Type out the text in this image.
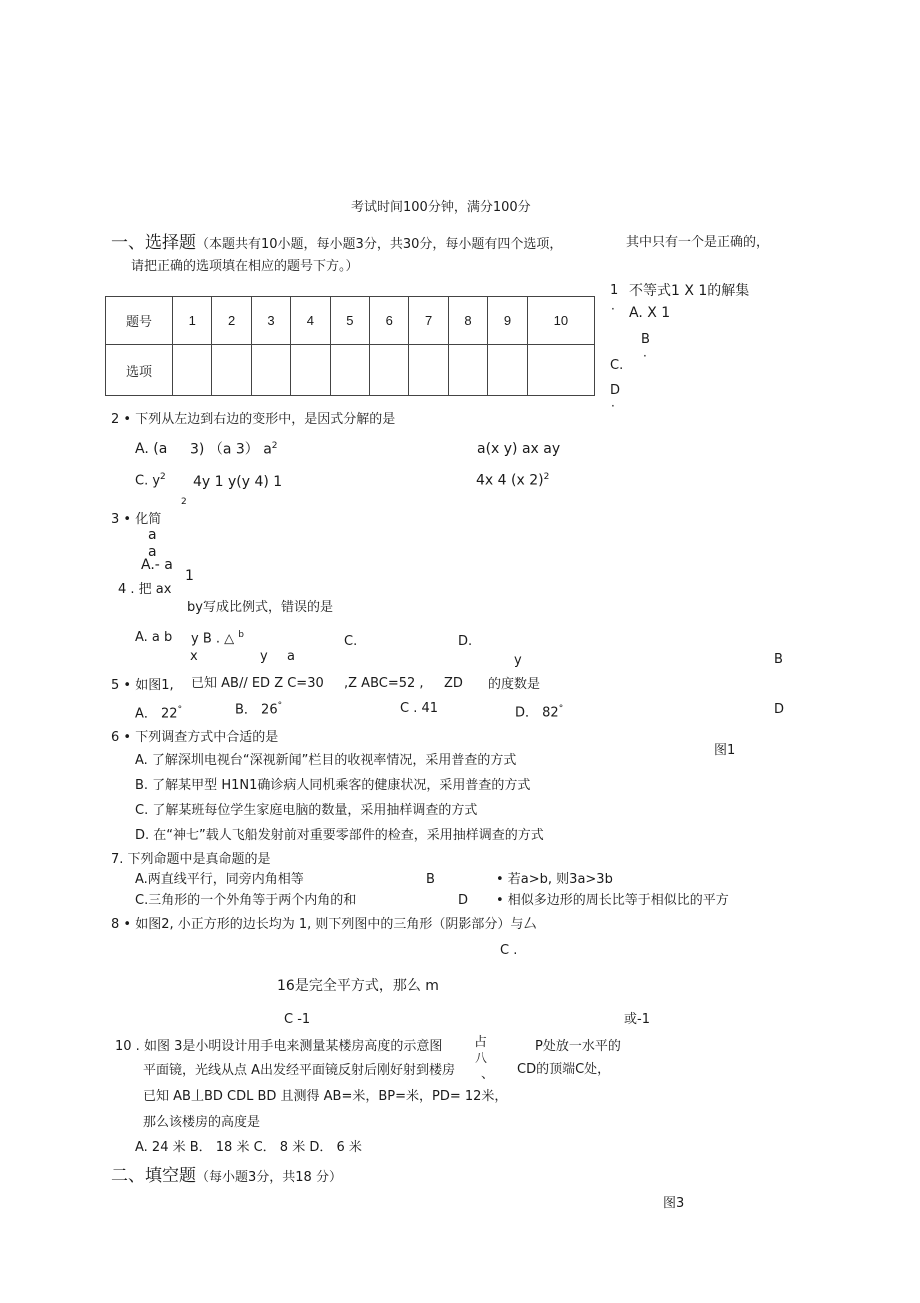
考试时间100分钟，满分100分
一、选择题（本题共有10小题，每小题3分，共30分，每小题有四个选项，	其中只有一个是正确的，
请把正确的选项填在相应的题号下方。）
题号	1	2	3	4	5	6	7	8	9	10
选项										
1
·
不等式1 X 1的解集
A. X 1
B
·
C.
D
·
2 • 下列从左边到右边的变形中，是因式分解的是
A. (a 3) （a 3） $a^2$	a(x y) ax ay
C. $y^2$ 4y 1 y(y 4) 1	4x 4 (x 2)$^2$
2
3 • 化简
a
a
A.- a
1
4 . 把 ax
by写成比例式，错误的是
A. a b y B . △ $^b$	C.	D.
x	y a	y	B
5 • 如图1, 已知 AB// ED Z C=30 ,Z ABC=52 , ZD 的度数是
A． 22°	B． 26°	C . 41	D． 82°	D
图1
6 • 下列调查方式中合适的是
A. 了解深圳电视台“深视新闻”栏目的收视率情况，采用普查的方式
B. 了解某甲型 H1N1确诊病人同机乘客的健康状况，采用普查的方式
C. 了解某班每位学生家庭电脑的数量，采用抽样调查的方式
D. 在“神七”载人飞船发射前对重要零部件的检查，采用抽样调查的方式
7. 下列命题中是真命题的是
A.两直线平行，同旁内角相等	B	• 若a>b, 则3a>3b
C.三角形的一个外角等于两个内角的和	D • 相似多边形的周长比等于相似比的平方
8 • 如图2, 小正方形的边长均为 1, 则下列图中的三角形（阴影部分）与厶
C .
16是完全平方式，那么 m
C -1	或-1
10 . 如图 3是小明设计用手电来测量某楼房高度的示意图 占
八
P处放一水平的
平面镜，光线从点 A出发经平面镜反射后刚好射到楼房 、 CD的顶端C处，
已知 AB丄BD CDL BD 且测得 AB=米，BP=米，PD= 12米，
那么该楼房的高度是
A. 24 米 B． 18 米 C． 8 米 D． 6 米
二、填空题（每小题3分，共18 分）
图3
